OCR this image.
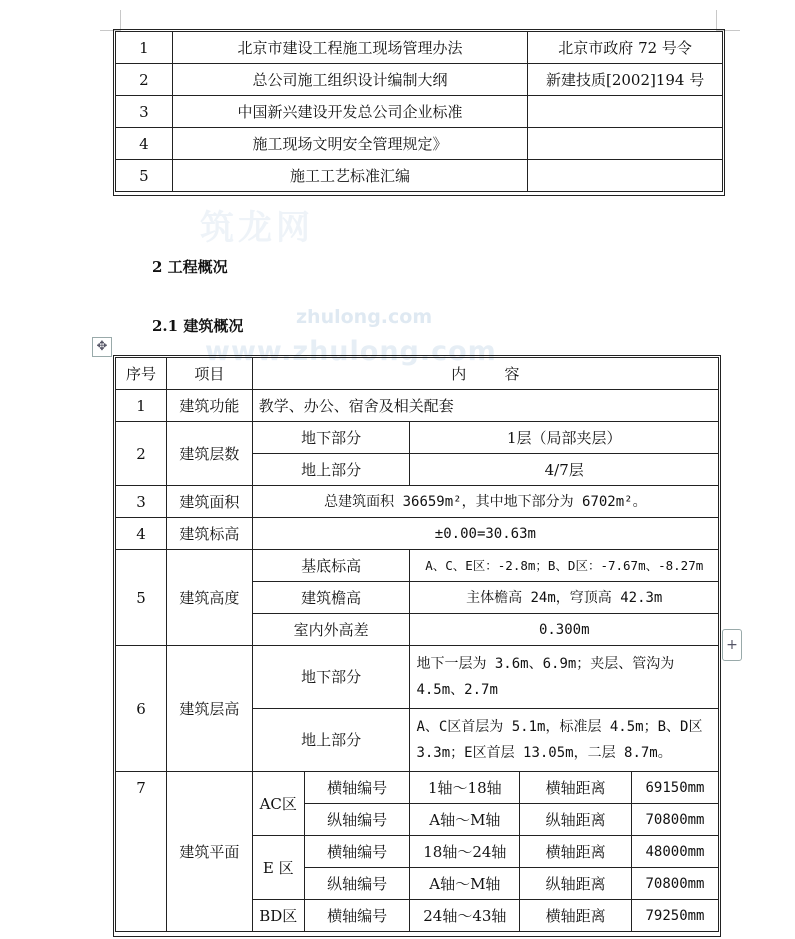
1	北京市建设工程施工现场管理办法	北京市政府 72 号令
2	总公司施工组织设计编制大纲	新建技质[2002]194 号
3	中国新兴建设开发总公司企业标准	
4	施工现场文明安全管理规定》	
5	施工工艺标准汇编	
筑龙网
2 工程概况
zhulong.com
2.1 建筑概况
www.zhulong.com
✥
序号	项目	内        容				
1	建筑功能	教学、办公、宿舍及相关配套				
2	建筑层数	地下部分		1层（局部夹层）		
		地上部分		4/7层		
3	建筑面积	总建筑面积 36659m²，其中地下部分为 6702m²。				
4	建筑标高	±0.00=30.63m				
5	建筑高度	基底标高		A、C、E区：-2.8m；B、D区：-7.67m、-8.27m		
		建筑檐高		主体檐高 24m，穹顶高 42.3m		
		室内外高差		0.300m		
6	建筑层高	地下部分		地下一层为 3.6m、6.9m；夹层、管沟为 4.5m、2.7m		
		地上部分		A、C区首层为 5.1m，标准层 4.5m；B、D区 3.3m；E区首层 13.05m，二层 8.7m。		
7	建筑平面	AC区	横轴编号	1轴～18轴	横轴距离	69150mm
			纵轴编号	A轴～M轴	纵轴距离	70800mm
		E 区	横轴编号	18轴～24轴	横轴距离	48000mm
			纵轴编号	A轴～M轴	纵轴距离	70800mm
		BD区	横轴编号	24轴～43轴	横轴距离	79250mm
+
